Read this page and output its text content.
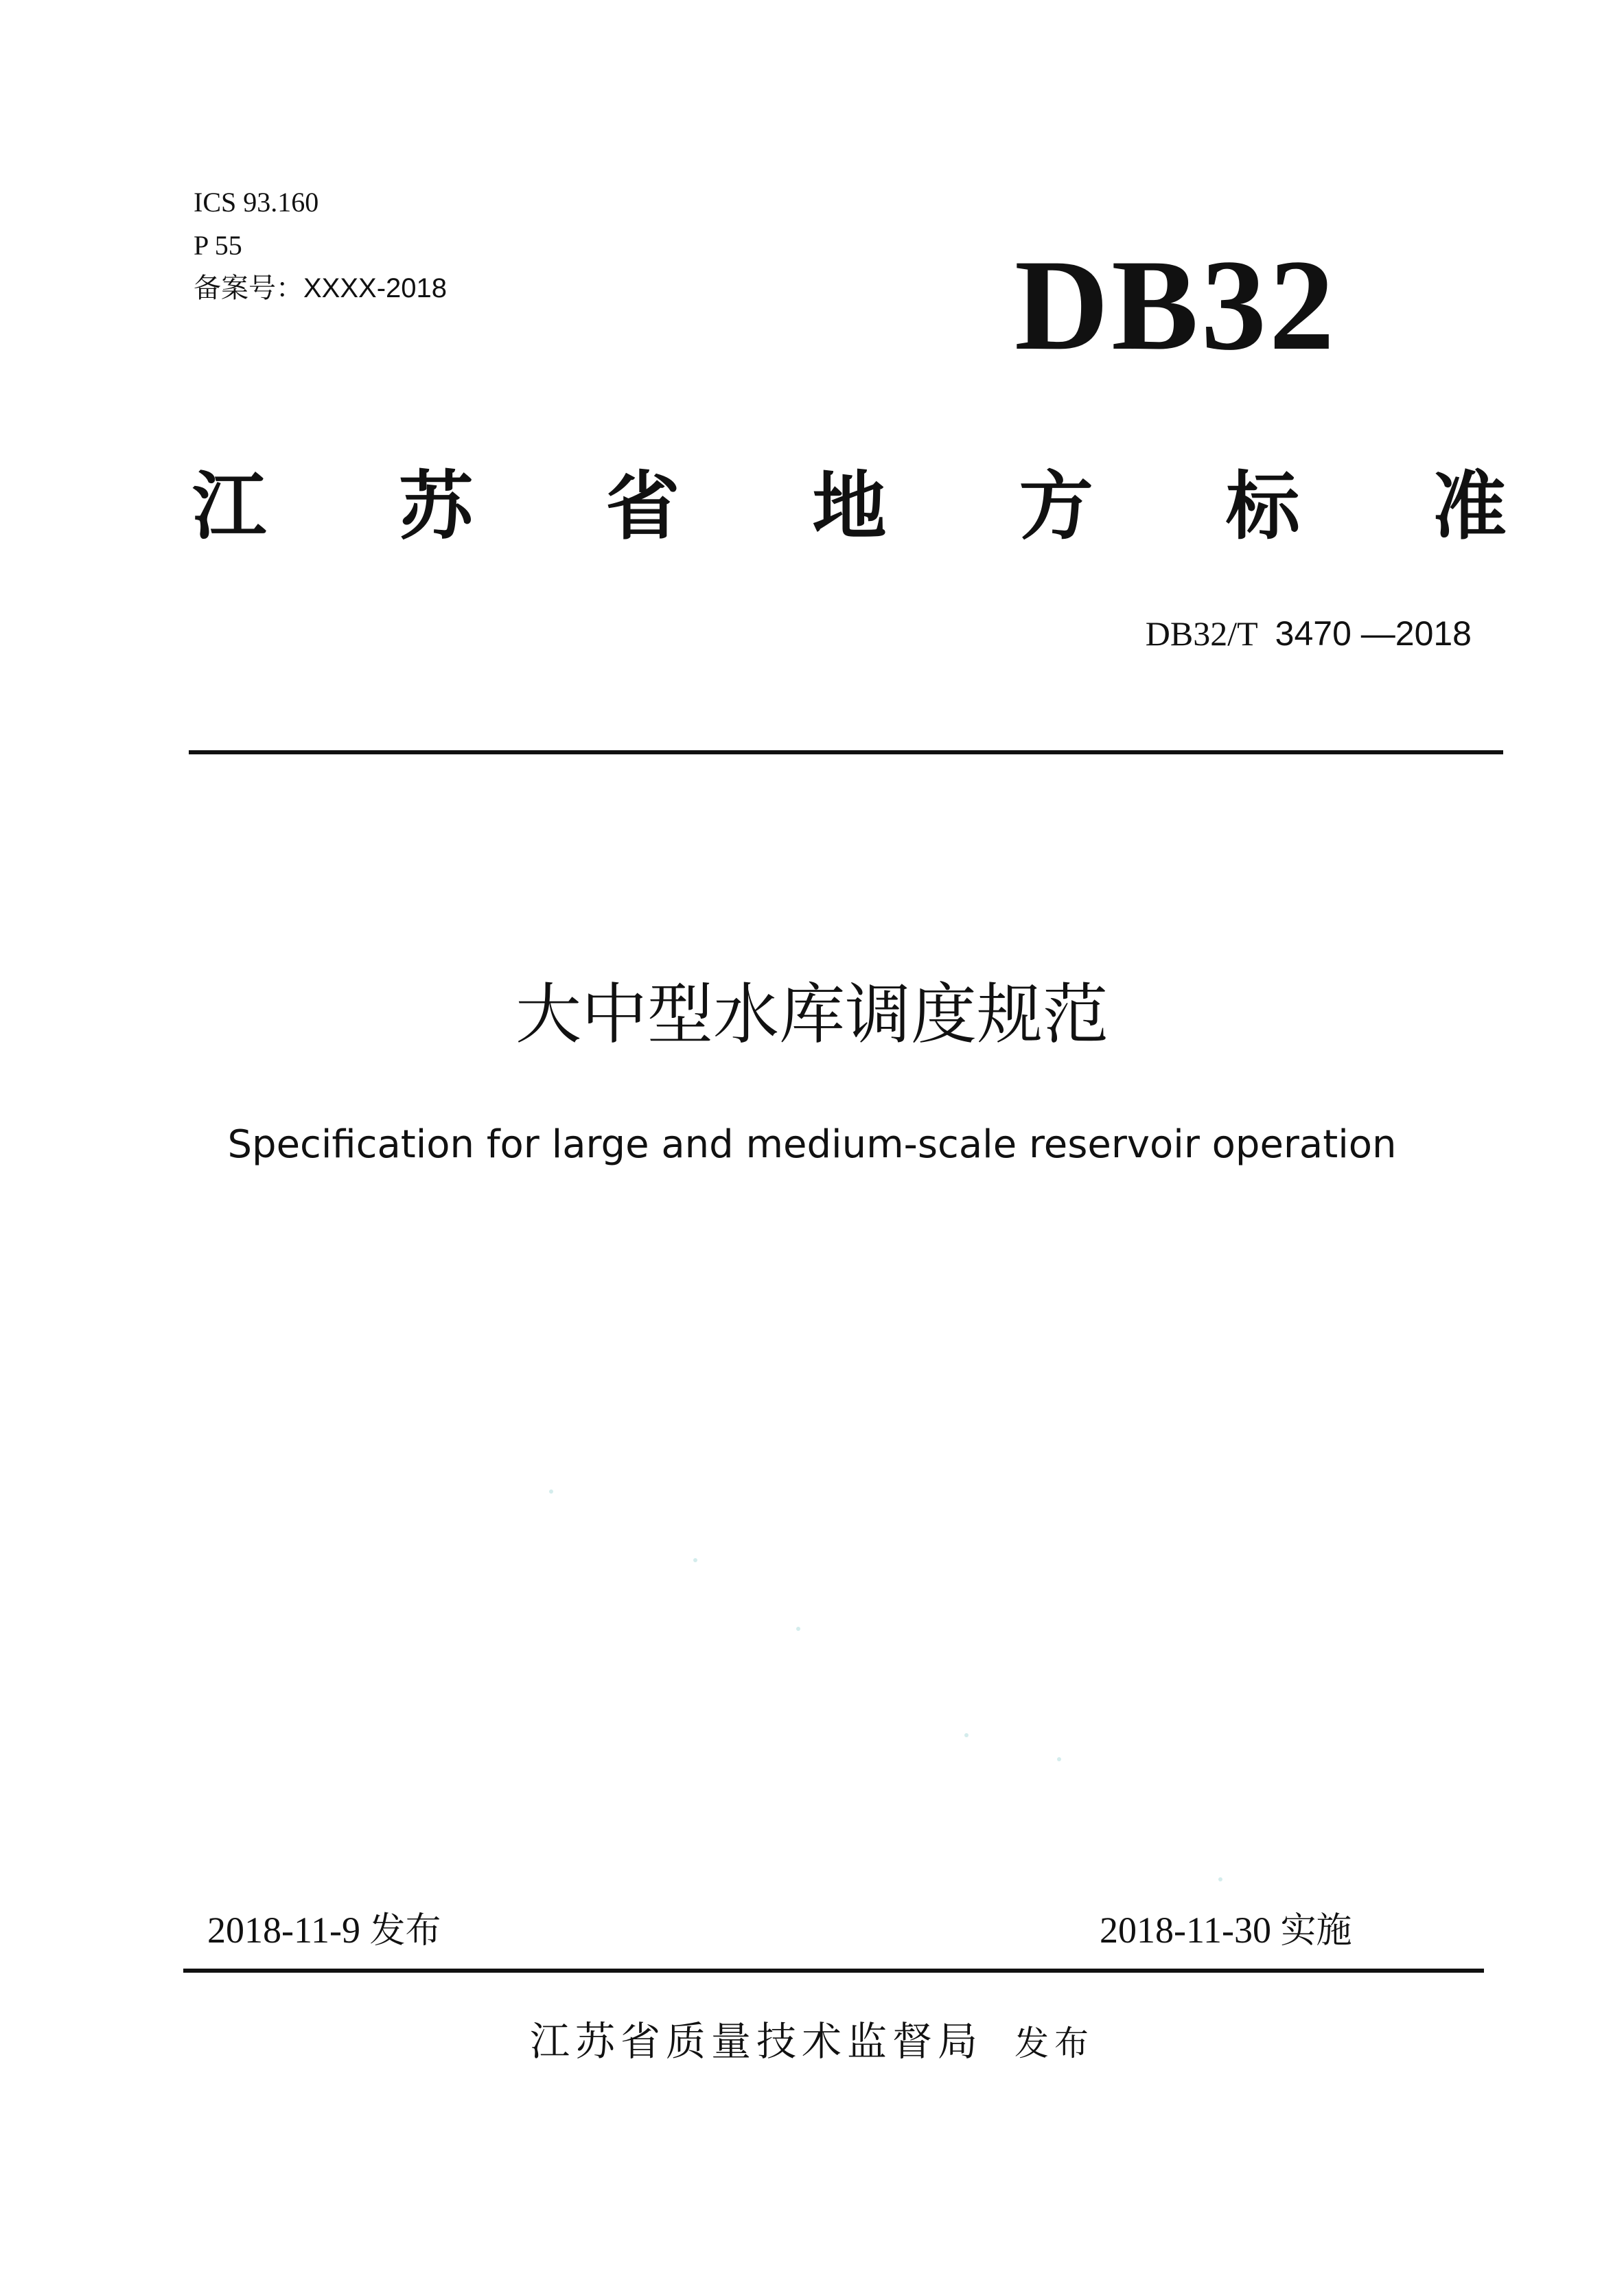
ICS 93.160
P 55
备案号：XXXX-2018	DB32
江 苏 省 地 方 标 准
DB32/T 3470 —2018
大中型水库调度规范
Specification for large and medium-scale reservoir operation
2018-11-9 发布	2018-11-30 实施
江苏省质量技术监督局 发布
